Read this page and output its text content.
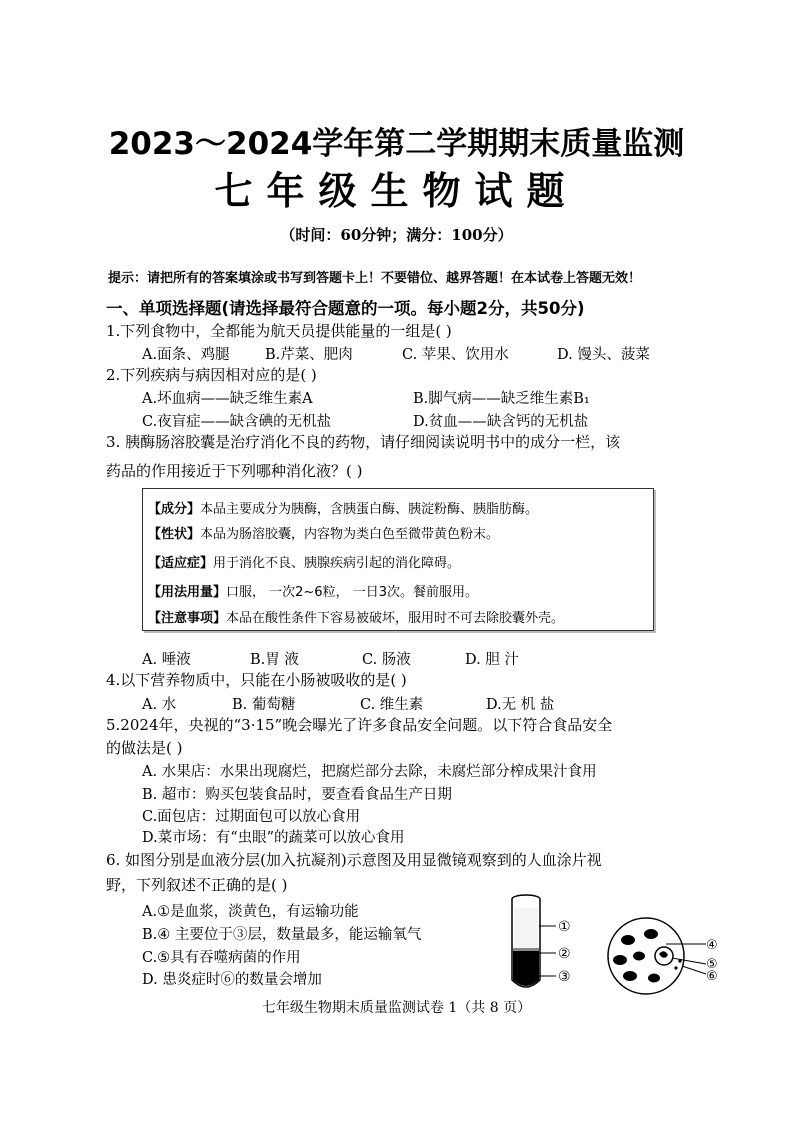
2023～2024学年第二学期期末质量监测
七年级生物试题
（时间：60分钟；满分：100分）
提示：请把所有的答案填涂或书写到答题卡上！不要错位、越界答题！在本试卷上答题无效！
一、单项选择题(请选择最符合题意的一项。每小题2分，共50分)
1.下列食物中，全都能为航天员提供能量的一组是( )
A.面条、鸡腿 B.芹菜、肥肉	C. 苹果、饮用水	D. 馒头、菠菜
2.下列疾病与病因相对应的是( )
A.坏血病——缺乏维生素A	B.脚气病——缺乏维生素B₁
C.夜盲症——缺含碘的无机盐	D.贫血——缺含钙的无机盐
3. 胰酶肠溶胶囊是治疗消化不良的药物，请仔细阅读说明书中的成分一栏，该
药品的作用接近于下列哪种消化液？( )
【成分】本品主要成分为胰酶，含胰蛋白酶、胰淀粉酶、胰脂肪酶。
【性状】本品为肠溶胶囊，内容物为类白色至微带黄色粉末。
【适应症】用于消化不良、胰腺疾病引起的消化障碍。
【用法用量】口服， 一次2~6粒， 一日3次。餐前服用。
【注意事项】本品在酸性条件下容易被破坏，服用时不可去除胶囊外壳。
A. 唾液	B.胃 液	C. 肠液	D. 胆 汁
4.以下营养物质中，只能在小肠被吸收的是( )
A. 水	B. 葡萄糖	C. 维生素	D.无 机 盐
5.2024年，央视的“3·15”晚会曝光了许多食品安全问题。以下符合食品安全
的做法是( )
A. 水果店：水果出现腐烂，把腐烂部分去除，未腐烂部分榨成果汁食用
B. 超市：购买包装食品时，要查看食品生产日期
C.面包店：过期面包可以放心食用
D.菜市场：有“虫眼”的蔬菜可以放心食用
6. 如图分别是血液分层(加入抗凝剂)示意图及用显微镜观察到的人血涂片视
野，下列叙述不正确的是( )
A.①是血浆，淡黄色，有运输功能
B.④ 主要位于③层，数量最多，能运输氧气
C.⑤具有吞噬病菌的作用
D. 患炎症时⑥的数量会增加
①
②
③
④
⑤
⑥
七年级生物期末质量监测试卷 1（共 8 页）
